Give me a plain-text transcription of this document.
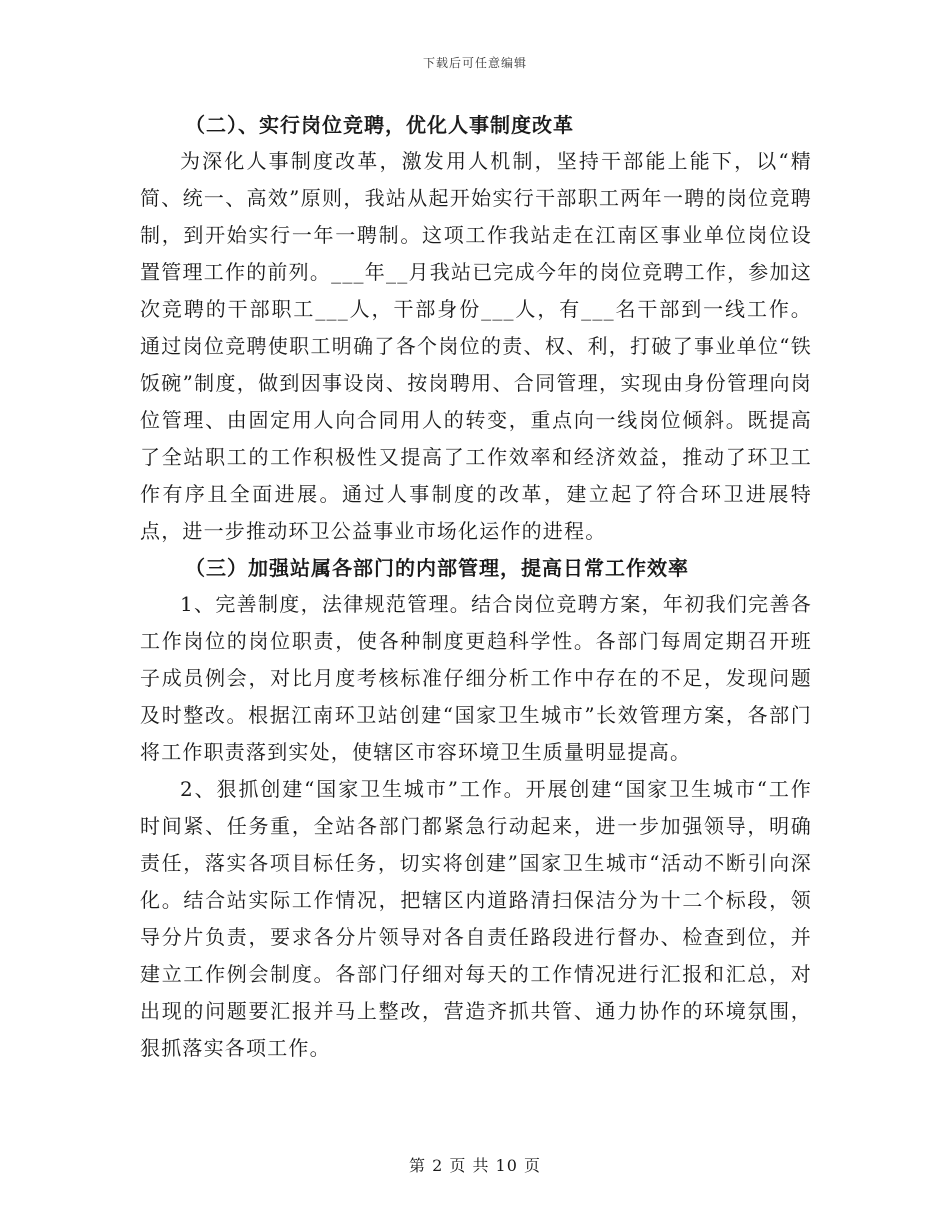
下载后可任意编辑
（二）、实行岗位竞聘，优化人事制度改革

为深化人事制度改革，激发用人机制，坚持干部能上能下，以“精简、统一、高效”原则，我站从起开始实行干部职工两年一聘的岗位竞聘制，到开始实行一年一聘制。这项工作我站走在江南区事业单位岗位设置管理工作的前列。___年__月我站已完成今年的岗位竞聘工作，参加这次竞聘的干部职工___人，干部身份___人，有___名干部到一线工作。通过岗位竞聘使职工明确了各个岗位的责、权、利，打破了事业单位“铁饭碗”制度，做到因事设岗、按岗聘用、合同管理，实现由身份管理向岗位管理、由固定用人向合同用人的转变，重点向一线岗位倾斜。既提高了全站职工的工作积极性又提高了工作效率和经济效益，推动了环卫工作有序且全面进展。通过人事制度的改革，建立起了符合环卫进展特点，进一步推动环卫公益事业市场化运作的进程。

（三）加强站属各部门的内部管理，提高日常工作效率

1、完善制度，法律规范管理。结合岗位竞聘方案，年初我们完善各工作岗位的岗位职责，使各种制度更趋科学性。各部门每周定期召开班子成员例会，对比月度考核标准仔细分析工作中存在的不足，发现问题及时整改。根据江南环卫站创建“国家卫生城市”长效管理方案，各部门将工作职责落到实处，使辖区市容环境卫生质量明显提高。

2、狠抓创建“国家卫生城市”工作。开展创建“国家卫生城市“工作时间紧、任务重，全站各部门都紧急行动起来，进一步加强领导，明确责任，落实各项目标任务，切实将创建”国家卫生城市“活动不断引向深化。结合站实际工作情况，把辖区内道路清扫保洁分为十二个标段，领导分片负责，要求各分片领导对各自责任路段进行督办、检查到位，并建立工作例会制度。各部门仔细对每天的工作情况进行汇报和汇总，对出现的问题要汇报并马上整改，营造齐抓共管、通力协作的环境氛围，狠抓落实各项工作。

第 2 页 共 10 页
